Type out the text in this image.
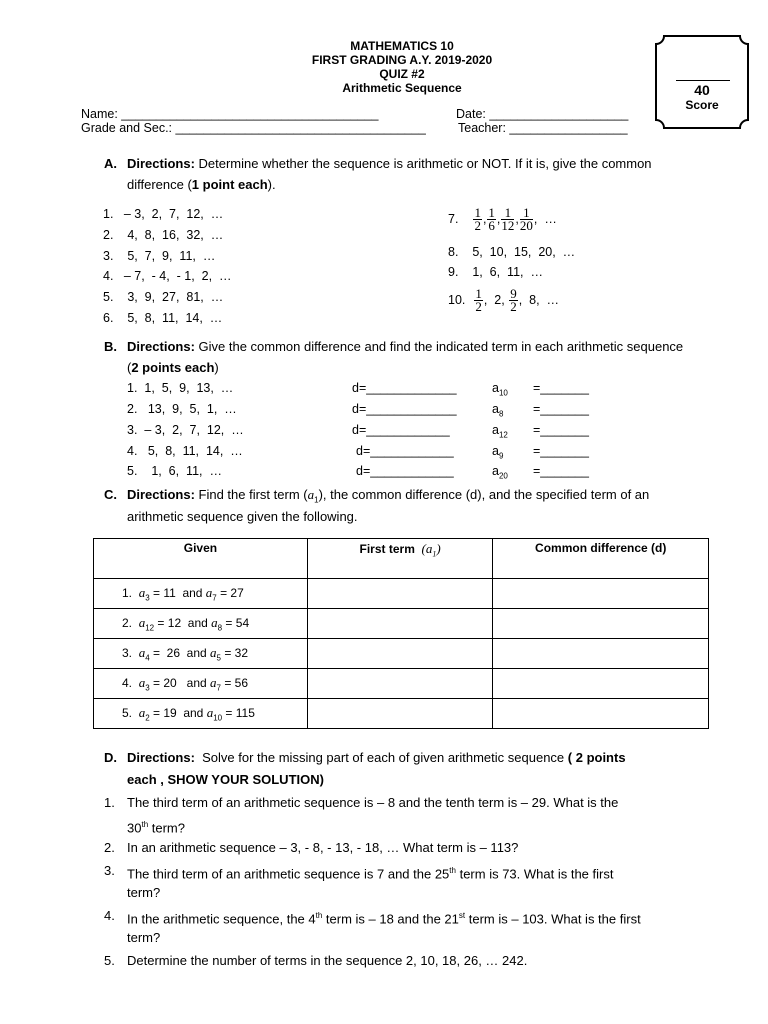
MATHEMATICS 10
FIRST GRADING A.Y. 2019-2020
QUIZ #2
Arithmetic Sequence	40
Score
Name: _____________________________________	Date: ____________________
Grade and Sec.: ____________________________________	Teacher: _________________
A. Directions: Determine whether the sequence is arithmetic or NOT. If it is, give the common
difference (1 point each).
1.   – 3,  2,  7,  12,  …
2.    4,  8,  16,  32,  …
3.    5,  7,  9,  11,  …
4.   – 7,  - 4,  - 1,  2,  …
5.    3,  9,  27,  81,  …
6.    5,  8,  11,  14,  …
7. $\frac{1}{2}$ , $\frac{1}{6}$ , $\frac{1}{12}$ , $\frac{1}{20}$ ,  …
8.    5,  10,  15,  20,  …
9.    1,  6,  11,  …
10. $\frac{1}{2}$ ,  2, $\frac{9}{2}$ ,  8,  …
B. Directions: Give the common difference and find the indicated term in each arithmetic sequence
(2 points each)
1.  1,  5,  9,  13,  …	d=_____________	$a_{10}$ =_______
2.   13,  9,  5,  1,  …	d=_____________	$a_8$ =_______
3.  – 3,  2,  7,  12,  …	d=____________	$a_{12}$ =_______
4.   5,  8,  11,  14,  …	d=____________	$a_9$ =_______
5.    1,  6,  11,  …	d=____________	$a_{20}$ =_______
C. Directions: Find the first term $(a_1)$, the common difference (d), and the specified term of an
arithmetic sequence given the following.
Given	First term $(a_1)$	Common difference (d)
1. $a_3 = 11$  and $a_7 = 27$		
2. $a_{12} = 12$  and $a_8 = 54$		
3. $a_4 = 26$  and $a_5 = 32$		
4. $a_3 = 20$   and $a_7 = 56$		
5. $a_2 = 19$  and $a_{10} = 115$		
D. Directions:  Solve for the missing part of each of given arithmetic sequence ( 2 points
each , SHOW YOUR SOLUTION)
1. The third term of an arithmetic sequence is – 8 and the tenth term is – 29. What is the
30th term?
2. In an arithmetic sequence – 3, - 8, - 13, - 18, … What term is – 113?
3. The third term of an arithmetic sequence is 7 and the 25th term is 73. What is the first
term?
4. In the arithmetic sequence, the 4th term is – 18 and the 21st term is – 103. What is the first
term?
5. Determine the number of terms in the sequence 2, 10, 18, 26, … 242.
